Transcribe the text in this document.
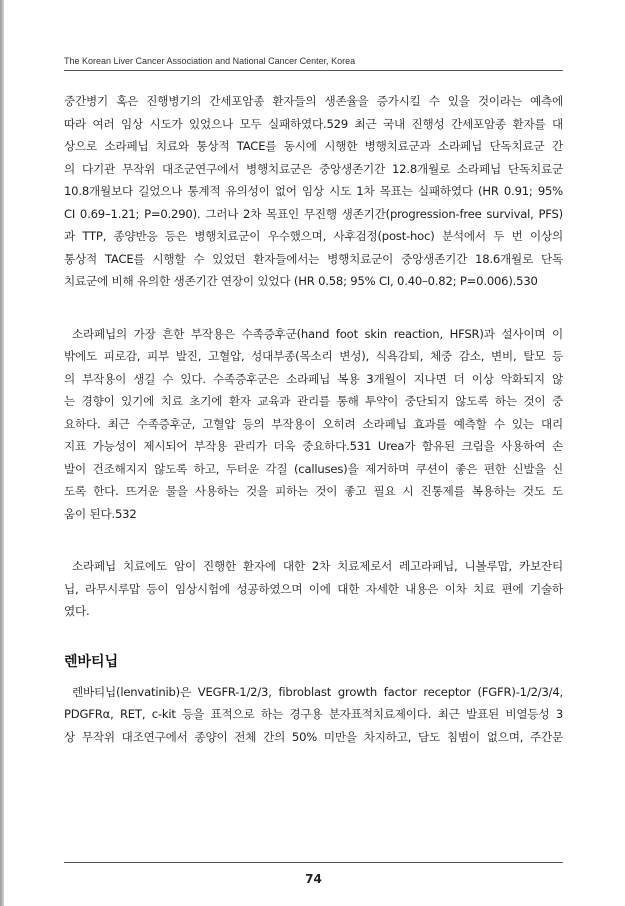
The Korean Liver Cancer Association and National Cancer Center, Korea
중간병기 혹은 진행병기의 간세포암종 환자들의 생존율을 증가시킬 수 있을 것이라는 예측에
따라 여러 임상 시도가 있었으나 모두 실패하였다.529 최근 국내 진행성 간세포암종 환자를 대
상으로 소라페닙 치료와 통상적 TACE를 동시에 시행한 병행치료군과 소라페닙 단독치료군 간
의 다기관 무작위 대조군연구에서 병행치료군은 중앙생존기간 12.8개월로 소라페닙 단독치료군
10.8개월보다 길었으나 통계적 유의성이 없어 임상 시도 1차 목표는 실패하였다 (HR 0.91; 95%
CI 0.69–1.21; P=0.290). 그러나 2차 목표인 무진행 생존기간(progression-free survival, PFS)
과 TTP, 종양반응 등은 병행치료군이 우수했으며, 사후검정(post-hoc) 분석에서 두 번 이상의
통상적 TACE를 시행할 수 있었던 환자들에서는 병행치료군이 중앙생존기간 18.6개월로 단독
치료군에 비해 유의한 생존기간 연장이 있었다 (HR 0.58; 95% CI, 0.40–0.82; P=0.006).530
소라페닙의 가장 흔한 부작용은 수족증후군(hand foot skin reaction, HFSR)과 설사이며 이
밖에도 피로감, 피부 발진, 고혈압, 성대부종(목소리 변성), 식욕감퇴, 체중 감소, 변비, 탈모 등
의 부작용이 생길 수 있다. 수족증후군은 소라페닙 복용 3개월이 지나면 더 이상 악화되지 않
는 경향이 있기에 치료 초기에 환자 교육과 관리를 통해 투약이 중단되지 않도록 하는 것이 중
요하다. 최근 수족증후군, 고혈압 등의 부작용이 오히려 소라페닙 효과를 예측할 수 있는 대리
지표 가능성이 제시되어 부작용 관리가 더욱 중요하다.531 Urea가 함유된 크림을 사용하여 손
발이 건조해지지 않도록 하고, 두터운 각질 (calluses)을 제거하며 쿠션이 좋은 편한 신발을 신
도록 한다. 뜨거운 물을 사용하는 것을 피하는 것이 좋고 필요 시 진통제를 복용하는 것도 도
움이 된다.532
소라페닙 치료에도 암이 진행한 환자에 대한 2차 치료제로서 레고라페닙, 니볼루맙, 카보잔티
닙, 라무시루맙 등이 임상시험에 성공하였으며 이에 대한 자세한 내용은 이차 치료 편에 기술하
였다.
렌바티닙
렌바티닙(lenvatinib)은 VEGFR-1/2/3, fibroblast growth factor receptor (FGFR)-1/2/3/4,
PDGFRα, RET, c-kit 등을 표적으로 하는 경구용 분자표적치료제이다. 최근 발표된 비열등성 3
상 무작위 대조연구에서 종양이 전체 간의 50% 미만을 차지하고, 담도 침범이 없으며, 주간문
74
